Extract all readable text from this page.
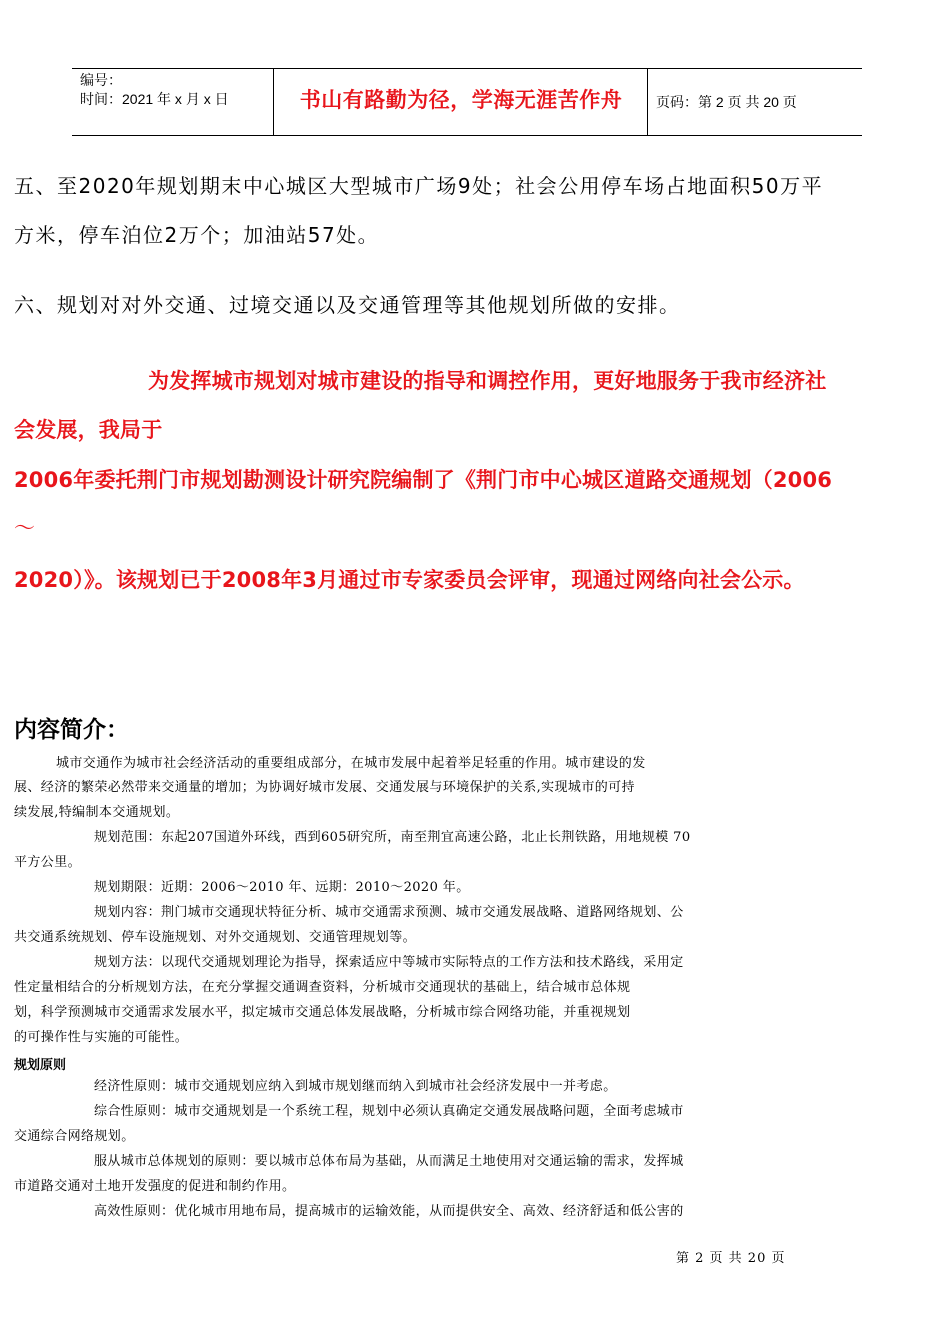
编号：
时间：2021 年 x 月 x 日	书山有路勤为径，学海无涯苦作舟	页码：第 2 页 共 20 页
五、至2020年规划期末中心城区大型城市广场9处；社会公用停车场占地面积50万平
方米，停车泊位2万个；加油站57处。
六、规划对对外交通、过境交通以及交通管理等其他规划所做的安排。
为发挥城市规划对城市建设的指导和调控作用，更好地服务于我市经济社
会发展，我局于
2006年委托荆门市规划勘测设计研究院编制了《荆门市中心城区道路交通规划（2006
～
2020）》。该规划已于2008年3月通过市专家委员会评审，现通过网络向社会公示。
内容简介：
城市交通作为城市社会经济活动的重要组成部分，在城市发展中起着举足轻重的作用。城市建设的发
展、经济的繁荣必然带来交通量的增加；为协调好城市发展、交通发展与环境保护的关系,实现城市的可持
续发展,特编制本交通规划。
规划范围：东起207国道外环线，西到605研究所，南至荆宜高速公路，北止长荆铁路，用地规模 70
平方公里。
规划期限：近期：2006～2010 年、远期：2010～2020 年。
规划内容：荆门城市交通现状特征分析、城市交通需求预测、城市交通发展战略、道路网络规划、公
共交通系统规划、停车设施规划、对外交通规划、交通管理规划等。
规划方法：以现代交通规划理论为指导，探索适应中等城市实际特点的工作方法和技术路线，采用定
性定量相结合的分析规划方法，在充分掌握交通调查资料，分析城市交通现状的基础上，结合城市总体规
划，科学预测城市交通需求发展水平，拟定城市交通总体发展战略，分析城市综合网络功能，并重视规划
的可操作性与实施的可能性。
规划原则
经济性原则：城市交通规划应纳入到城市规划继而纳入到城市社会经济发展中一并考虑。
综合性原则：城市交通规划是一个系统工程，规划中必须认真确定交通发展战略问题，全面考虑城市
交通综合网络规划。
服从城市总体规划的原则：要以城市总体布局为基础，从而满足土地使用对交通运输的需求，发挥城
市道路交通对土地开发强度的促进和制约作用。
高效性原则：优化城市用地布局，提高城市的运输效能，从而提供安全、高效、经济舒适和低公害的
第 2 页 共 20 页
